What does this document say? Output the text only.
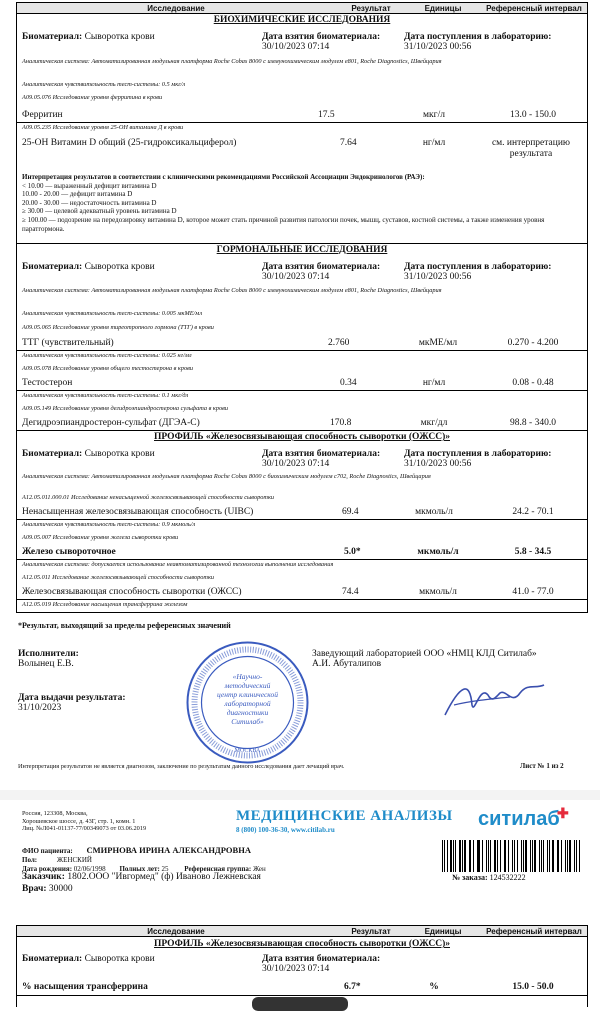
Исследование	Результат	Единицы	Референсный интервал
БИОХИМИЧЕСКИЕ ИССЛЕДОВАНИЯ
Биоматериал: Сыворотка крови	Дата взятия биоматериала:
30/10/2023 07:14
Дата поступления в лабораторию:
31/10/2023 00:56
Аналитическая система: Автоматизированная модульная платформа Roche Cobas 8000 с иммунохимическим модулем e801, Roche Diagnostics, Швейцария
Аналитическая чувствительность тест-системы: 0.5 мкг/л
A09.05.076 Исследование уровня ферритина в крови
Ферритин	17.5	мкг/л	13.0 - 150.0
A09.05.235 Исследование уровня 25-ОН витамина Д в крови
25-OH Витамин D общий (25-гидроксикальциферол)	7.64	нг/мл	см. интерпретацию результата
Интерпретация результатов в соответствии с клиническими рекомендациями Российской Ассоциации Эндокринологов (РАЭ):
< 10.00 — выраженный дефицит витамина D
10.00 - 20.00 — дефицит витамина D
20.00 - 30.00 — недостаточность витамина D
≥ 30.00 — целевой адекватный уровень витамина D
≥ 100.00 — подозрение на передозировку витамина D, которое может стать причиной развития патологии почек, мышц, суставов, костной системы, а также изменения уровня паратгормона.
ГОРМОНАЛЬНЫЕ ИССЛЕДОВАНИЯ
Биоматериал: Сыворотка крови	Дата взятия биоматериала:
30/10/2023 07:14
Дата поступления в лабораторию:
31/10/2023 00:56
Аналитическая система: Автоматизированная модульная платформа Roche Cobas 8000 с иммунохимическим модулем e801, Roche Diagnostics, Швейцария
Аналитическая чувствительность тест-системы: 0.005 мкМЕ/мл
A09.05.065 Исследование уровня тиреотропного гормона (ТТГ) в крови
ТТГ (чувствительный)	2.760	мкМЕ/мл	0.270 - 4.200
Аналитическая чувствительность тест-системы: 0.025 нг/мл
A09.05.078 Исследование уровня общего тестостерона в крови
Тестостерон	0.34	нг/мл	0.08 - 0.48
Аналитическая чувствительность тест-системы: 0.1 мкг/дл
A09.05.149 Исследование уровня дегидроэпиандростерона сульфата в крови
Дегидроэпиандростерон-сульфат (ДГЭА-С)	170.8	мкг/дл	98.8 - 340.0
ПРОФИЛЬ «Железосвязывающая способность сыворотки (ОЖСС)»
Биоматериал: Сыворотка крови	Дата взятия биоматериала:
30/10/2023 07:14
Дата поступления в лабораторию:
31/10/2023 00:56
Аналитическая система: Автоматизированная модульная платформа Roche Cobas 8000 с биохимическим модулем c702, Roche Diagnostics, Швейцария
A12.05.011.000.01 Исследование ненасыщенной железосвязывающей способности сыворотки
Ненасыщенная железосвязывающая способность (UIBC)	69.4	мкмоль/л	24.2 - 70.1
Аналитическая чувствительность тест-системы: 0.9 мкмоль/л
A09.05.007 Исследование уровня железа сыворотки крови
Железо сывороточное	5.0*	мкмоль/л	5.8 - 34.5
Аналитическая система: допускается использование неавтоматизированной технологии выполнения исследования
A12.05.011 Исследование железосвязывающей способности сыворотки
Железосвязывающая способность сыворотки (ОЖСС)	74.4	мкмоль/л	41.0 - 77.0
A12.05.019 Исследование насыщения трансферрина железом
*Результат, выходящий за пределы референсных значений
Исполнители:
Волынец Е.В.
Заведующий лабораторией ООО «НМЦ КЛД Ситилаб»
А.И. Абуталипов
Дата выдачи результата:
31/10/2023
«Научно-
методический
центр клинической
лабораторной
диагностики
Ситилаб»
МОСКВА
Интерпретация результатов не является диагнозом, заключение по результатам данного исследования дает лечащий врач.	Лист № 1 из 2
Россия, 123308, Москва,
Хорошевское шоссе, д. 43Г, стр. 1, комн. 1
Лиц. №Л041-01137-77/00349073 от 03.06.2019
МЕДИЦИНСКИЕ АНАЛИЗЫ
8 (800) 100-36-30, www.citilab.ru	ситилаб
✚
ФИО пациента: СМИРНОВА ИРИНА АЛЕКСАНДРОВНА
Пол:	ЖЕНСКИЙ
Дата рождения: 02/06/1998 Полных лет: 25 Референсная группа: Жен
Заказчик: 1802.ООО "Ивгормед" (ф) Иваново Лежневская
Врач: 30000
№ заказа: 124532222
Исследование	Результат	Единицы	Референсный интервал
ПРОФИЛЬ «Железосвязывающая способность сыворотки (ОЖСС)»
Биоматериал: Сыворотка крови	Дата взятия биоматериала:
30/10/2023 07:14
% насыщения трансферрина	6.7*	%	15.0 - 50.0
